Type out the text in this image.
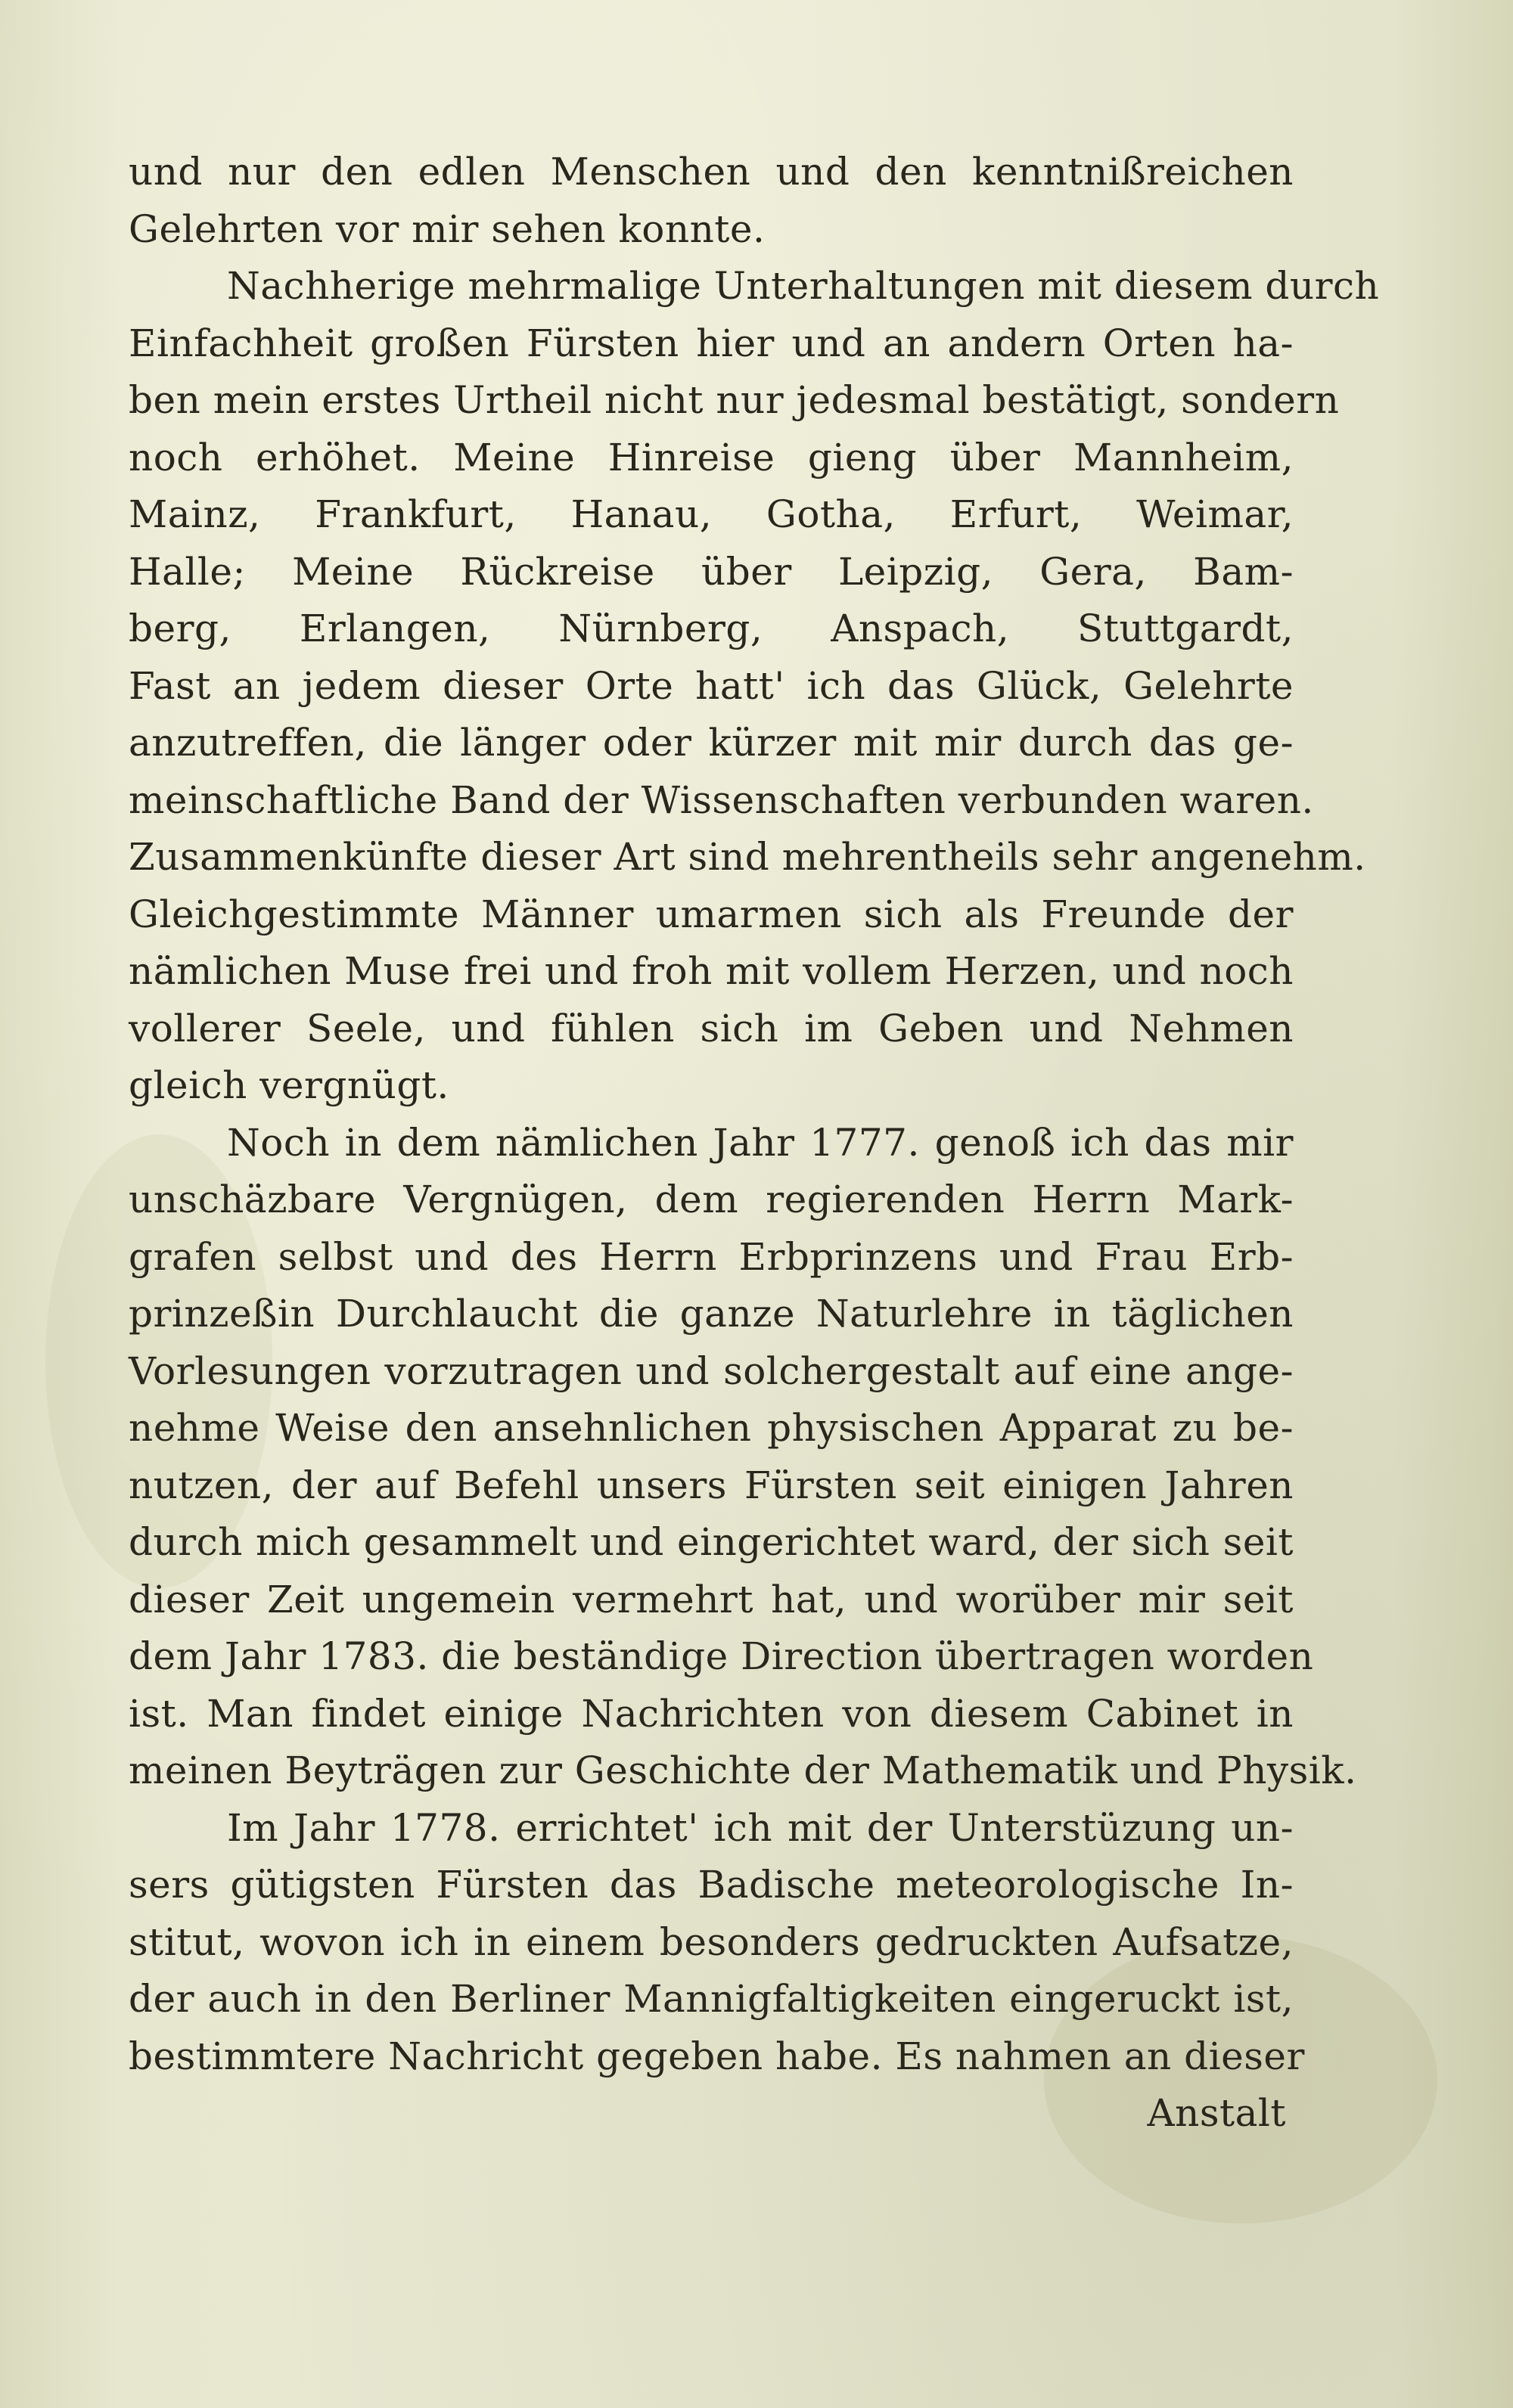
und nur den edlen Menschen und den kenntnißreichen
Gelehrten vor mir sehen konnte.
Nachherige mehrmalige Unterhaltungen mit diesem durch
Einfachheit großen Fürsten hier und an andern Orten ha-
ben mein erstes Urtheil nicht nur jedesmal bestätigt, sondern
noch erhöhet. Meine Hinreise gieng über Mannheim,
Mainz, Frankfurt, Hanau, Gotha, Erfurt, Weimar,
Halle; Meine Rückreise über Leipzig, Gera, Bam-
berg, Erlangen, Nürnberg, Anspach, Stuttgardt,
Fast an jedem dieser Orte hatt' ich das Glück, Gelehrte
anzutreffen, die länger oder kürzer mit mir durch das ge-
meinschaftliche Band der Wissenschaften verbunden waren.
Zusammenkünfte dieser Art sind mehrentheils sehr angenehm.
Gleichgestimmte Männer umarmen sich als Freunde der
nämlichen Muse frei und froh mit vollem Herzen, und noch
vollerer Seele, und fühlen sich im Geben und Nehmen
gleich vergnügt.
Noch in dem nämlichen Jahr 1777. genoß ich das mir
unschäzbare Vergnügen, dem regierenden Herrn Mark-
grafen selbst und des Herrn Erbprinzens und Frau Erb-
prinzeßin Durchlaucht die ganze Naturlehre in täglichen
Vorlesungen vorzutragen und solchergestalt auf eine ange-
nehme Weise den ansehnlichen physischen Apparat zu be-
nutzen, der auf Befehl unsers Fürsten seit einigen Jahren
durch mich gesammelt und eingerichtet ward, der sich seit
dieser Zeit ungemein vermehrt hat, und worüber mir seit
dem Jahr 1783. die beständige Direction übertragen worden
ist. Man findet einige Nachrichten von diesem Cabinet in
meinen Beyträgen zur Geschichte der Mathematik und Physik.
Im Jahr 1778. errichtet' ich mit der Unterstüzung un-
sers gütigsten Fürsten das Badische meteorologische In-
stitut, wovon ich in einem besonders gedruckten Aufsatze,
der auch in den Berliner Mannigfaltigkeiten eingeruckt ist,
bestimmtere Nachricht gegeben habe. Es nahmen an dieser
Anstalt
